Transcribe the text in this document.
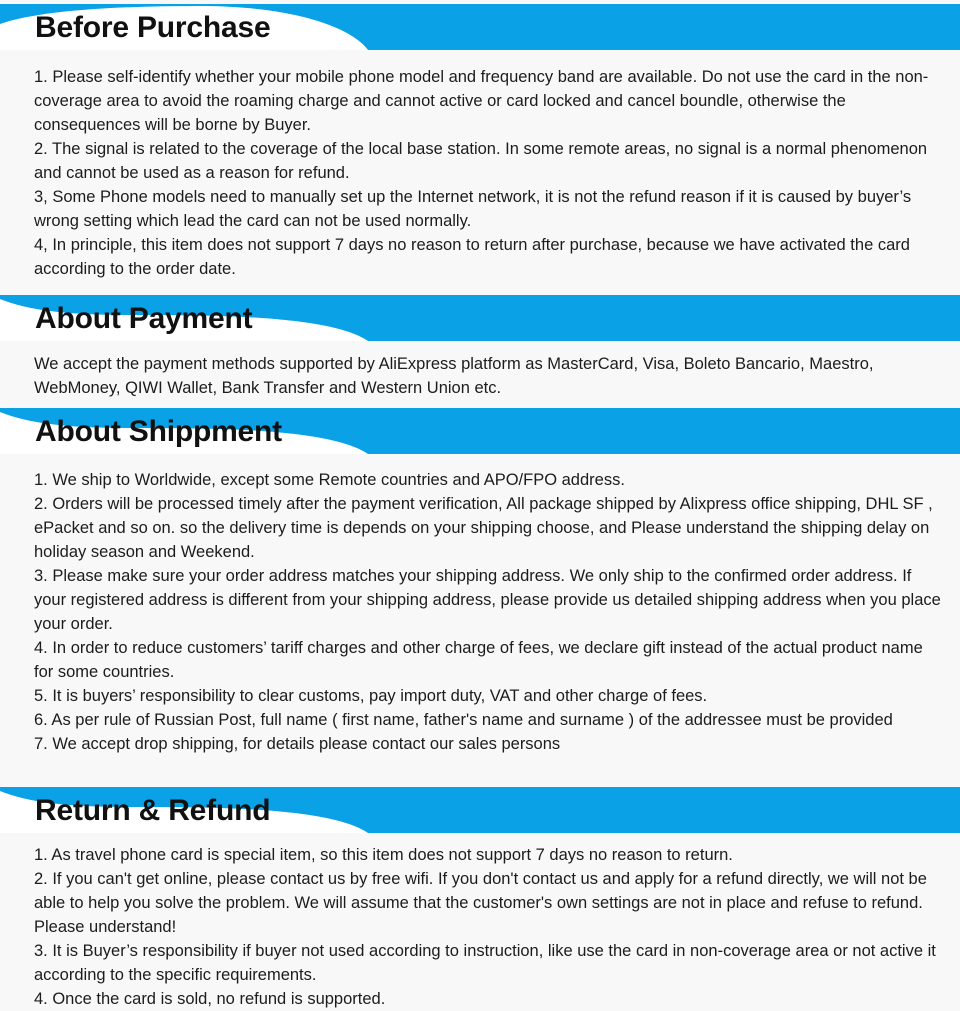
Before Purchase

1. Please self-identify whether your mobile phone model and frequency band are available. Do not use the card in the non-coverage area to avoid the roaming charge and cannot active or card locked and cancel boundle, otherwise the consequences will be borne by Buyer.

2. The signal is related to the coverage of the local base station. In some remote areas, no signal is a normal phenomenon and cannot be used as a reason for refund.

3, Some Phone models need to manually set up the Internet network, it is not the refund reason if it is caused by buyer’s wrong setting which lead the card can not be used normally.

4, In principle, this item does not support 7 days no reason to return after purchase, because we have activated the card according to the order date.

About Payment

We accept the payment methods supported by AliExpress platform as MasterCard, Visa, Boleto Bancario, Maestro, WebMoney, QIWI Wallet, Bank Transfer and Western Union etc.

About Shippment

1. We ship to Worldwide, except some Remote countries and APO/FPO address.

2. Orders will be processed timely after the payment verification, All package shipped by Alixpress office shipping, DHL SF , ePacket and so on. so the delivery time is depends on your shipping choose, and Please understand the shipping delay on holiday season and Weekend.

3. Please make sure your order address matches your shipping address. We only ship to the confirmed order address. If your registered address is different from your shipping address, please provide us detailed shipping address when you place your order.

4. In order to reduce customers’ tariff charges and other charge of fees, we declare gift instead of the actual product name for some countries.

5. It is buyers’ responsibility to clear customs, pay import duty, VAT and other charge of fees.

6. As per rule of Russian Post, full name ( first name, father's name and surname ) of the addressee must be provided

7. We accept drop shipping, for details please contact our sales persons

Return & Refund

1. As travel phone card is special item, so this item does not support 7 days no reason to return.

2. If you can't get online, please contact us by free wifi. If you don't contact us and apply for a refund directly, we will not be able to help you solve the problem. We will assume that the customer's own settings are not in place and refuse to refund. Please understand!

3. It is Buyer’s responsibility if buyer not used according to instruction, like use the card in non-coverage area or not active it according to the specific requirements.

4. Once the card is sold, no refund is supported.
